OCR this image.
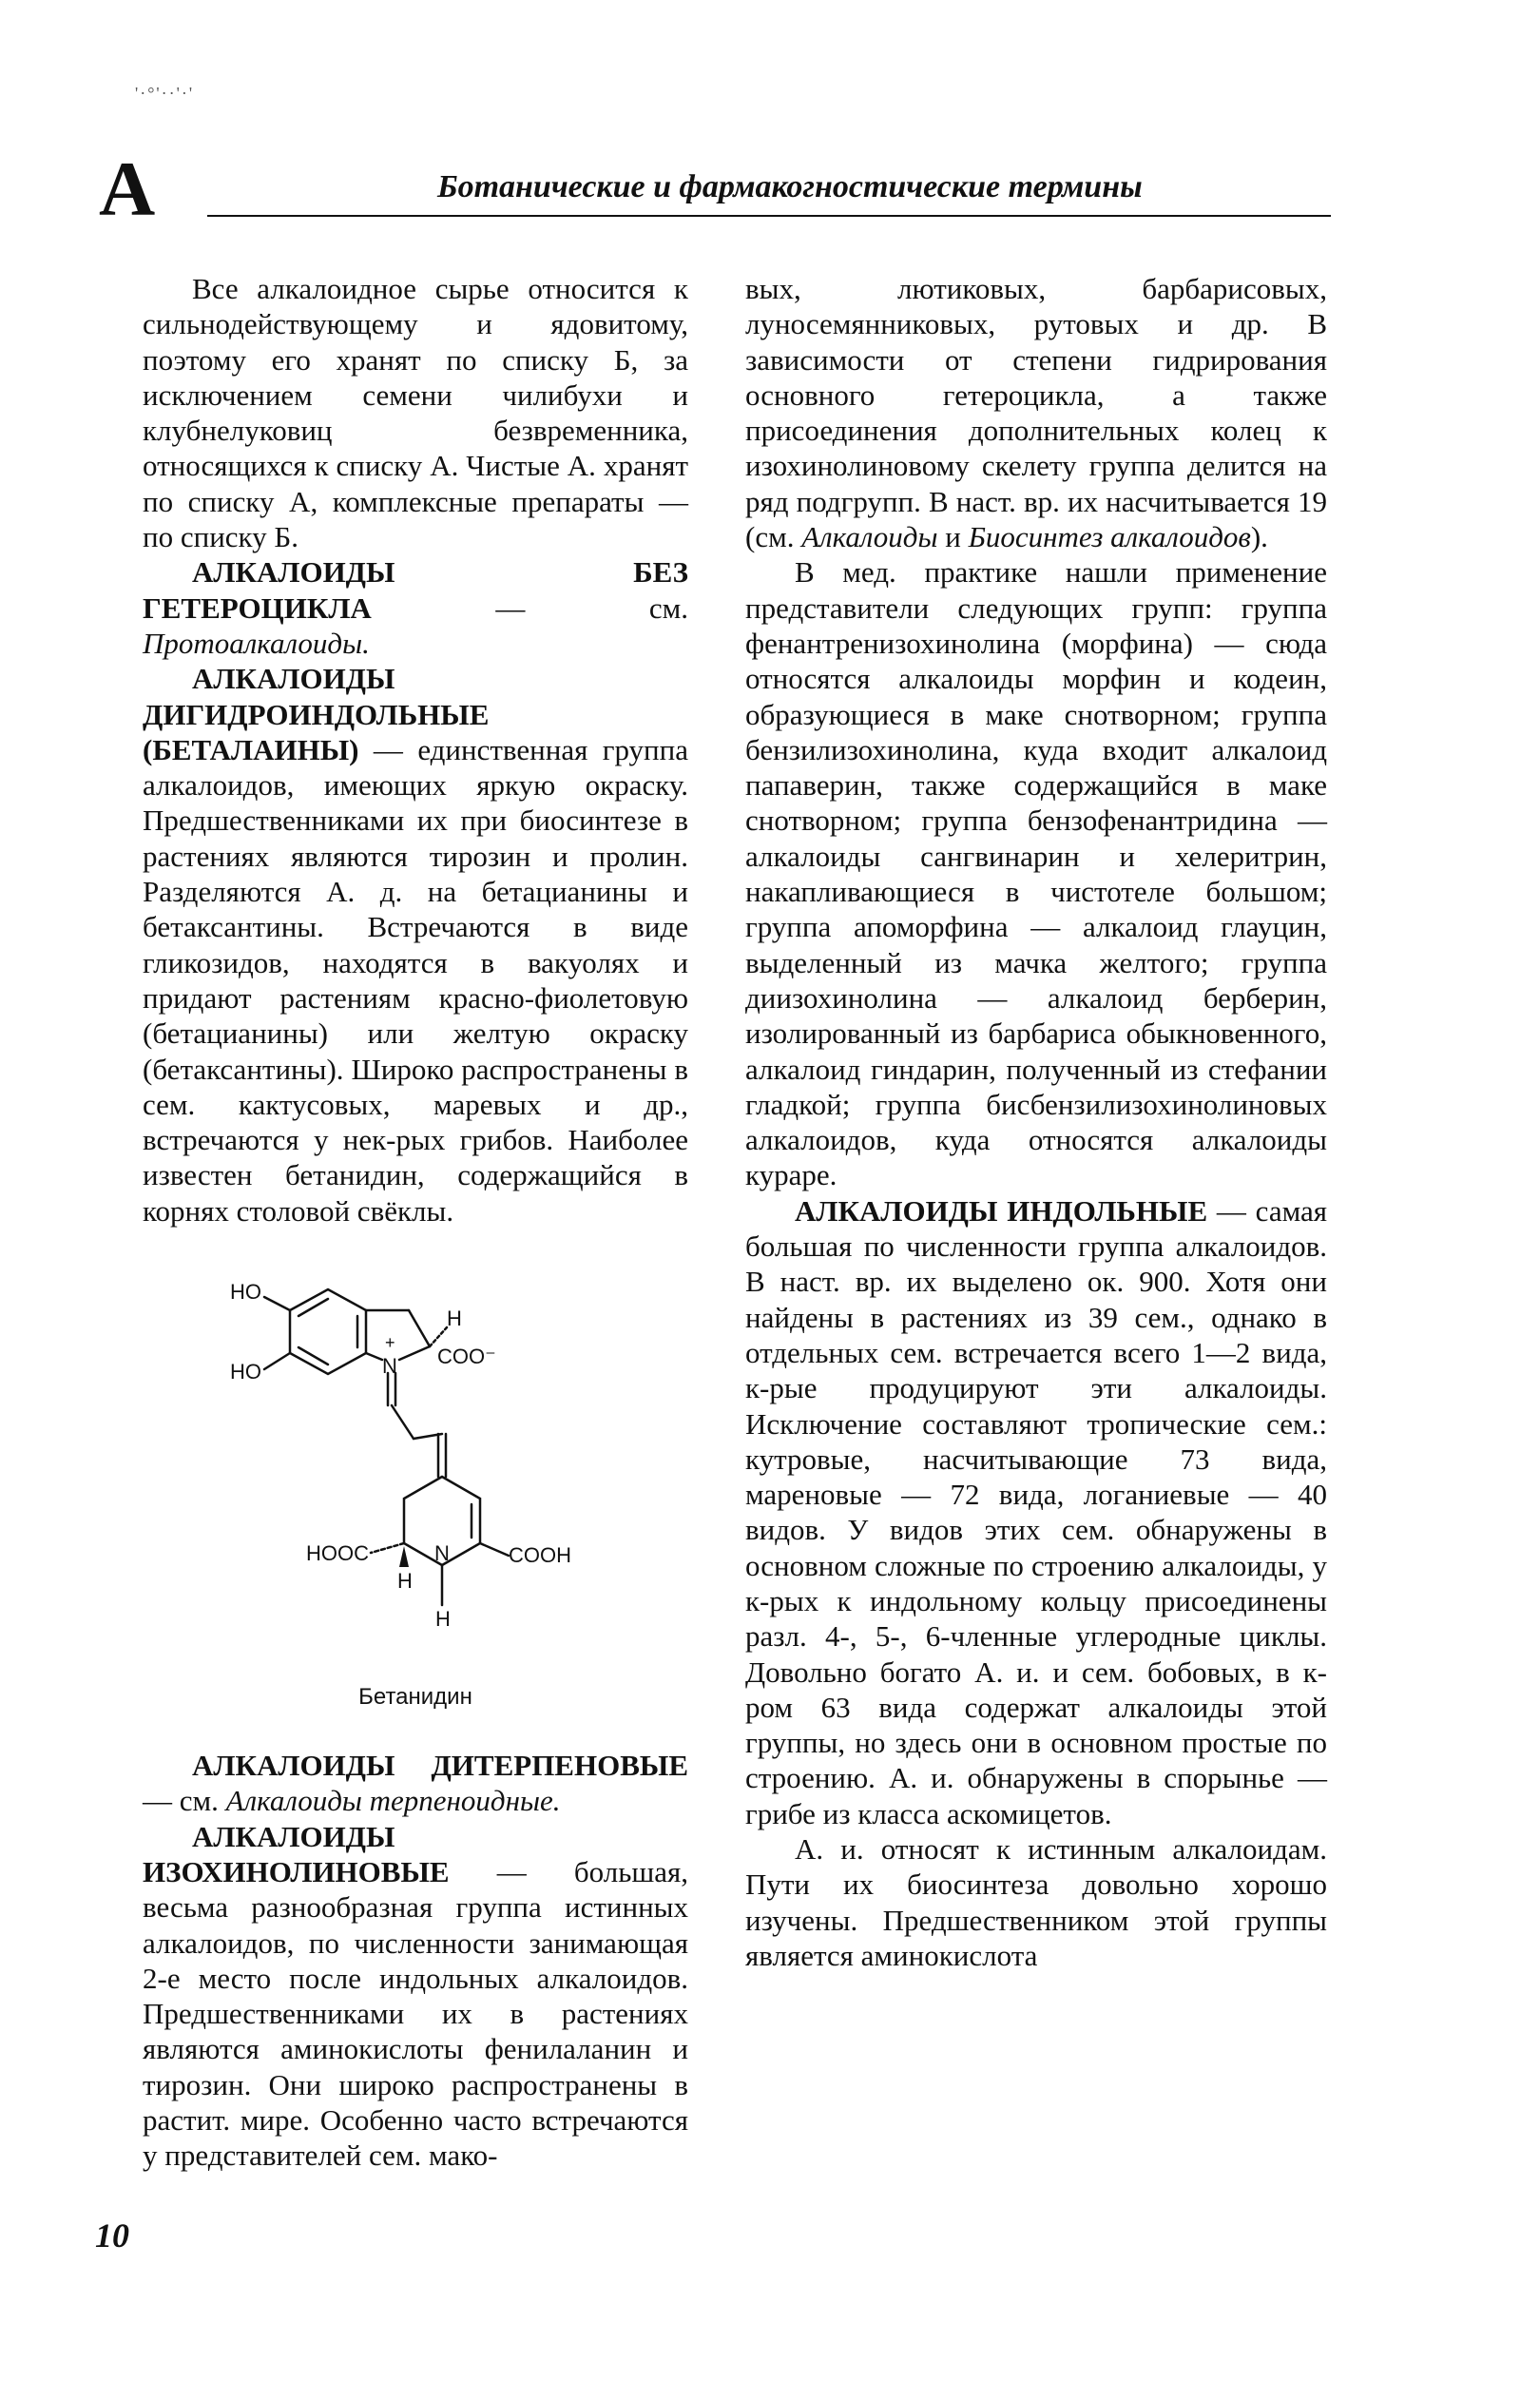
'·°'··'·'
А	Ботанические и фармакогностические термины

Все алкалоидное сырье относится к сильнодействующему и ядовитому, поэтому его хранят по списку Б, за исключением семени чилибухи и клубнелуковиц безвременника, относящихся к списку А. Чистые А. хранят по списку А, комплексные препараты — по списку Б.

АЛКАЛОИДЫ БЕЗ ГЕТЕРОЦИКЛА — см. Протоалкалоиды.

АЛКАЛОИДЫ ДИГИДРОИНДОЛЬНЫЕ (БЕТАЛАИНЫ) — единственная группа алкалоидов, имеющих яркую окраску. Предшественниками их при биосинтезе в растениях являются тирозин и пролин. Разделяются А. д. на бетацианины и бетаксантины. Встречаются в виде гликозидов, находятся в вакуолях и придают растениям красно-фиолетовую (бетацианины) или желтую окраску (бетаксантины). Широко распространены в сем. кактусовых, маревых и др., встречаются у нек-рых грибов. Наиболее известен бетанидин, содержащийся в корнях столовой свёклы.

HO
HO
+
N
H
COO⁻
HOOC
H
N	COOH
H
Бетанидин

АЛКАЛОИДЫ ДИТЕРПЕНОВЫЕ — см. Алкалоиды терпеноидные.

АЛКАЛОИДЫ ИЗОХИНОЛИНОВЫЕ — большая, весьма разнообразная группа истинных алкалоидов, по численности занимающая 2-е место после индольных алкалоидов. Предшественниками их в растениях являются аминокислоты фенилаланин и тирозин. Они широко распространены в растит. мире. Особенно часто встречаются у представителей сем. мако-

вых, лютиковых, барбарисовых, луносемянниковых, рутовых и др. В зависимости от степени гидрирования основного гетероцикла, а также присоединения дополнительных колец к изохинолиновому скелету группа делится на ряд подгрупп. В наст. вр. их насчитывается 19 (см. Алкалоиды и Биосинтез алкалоидов).

В мед. практике нашли применение представители следующих групп: группа фенантренизохинолина (морфина) — сюда относятся алкалоиды морфин и кодеин, образующиеся в маке снотворном; группа бензилизохинолина, куда входит алкалоид папаверин, также содержащийся в маке снотворном; группа бензофенантридина — алкалоиды сангвинарин и хелеритрин, накапливающиеся в чистотеле большом; группа апоморфина — алкалоид глауцин, выделенный из мачка желтого; группа диизохинолина — алкалоид берберин, изолированный из барбариса обыкновенного, алкалоид гиндарин, полученный из стефании гладкой; группа бисбензилизохинолиновых алкалоидов, куда относятся алкалоиды кураре.

АЛКАЛОИДЫ ИНДОЛЬНЫЕ — самая большая по численности группа алкалоидов. В наст. вр. их выделено ок. 900. Хотя они найдены в растениях из 39 сем., однако в отдельных сем. встречается всего 1—2 вида, к-рые продуцируют эти алкалоиды. Исключение составляют тропические сем.: кутровые, насчитывающие 73 вида, мареновые — 72 вида, логаниевые — 40 видов. У видов этих сем. обнаружены в основном сложные по строению алкалоиды, у к-рых к индольному кольцу присоединены разл. 4-, 5-, 6-членные углеродные циклы. Довольно богато А. и. и сем. бобовых, в к-ром 63 вида содержат алкалоиды этой группы, но здесь они в основном простые по строению. А. и. обнаружены в спорынье — грибе из класса аскомицетов.

А. и. относят к истинным алкалоидам. Пути их биосинтеза довольно хорошо изучены. Предшественником этой группы является аминокислота

10
